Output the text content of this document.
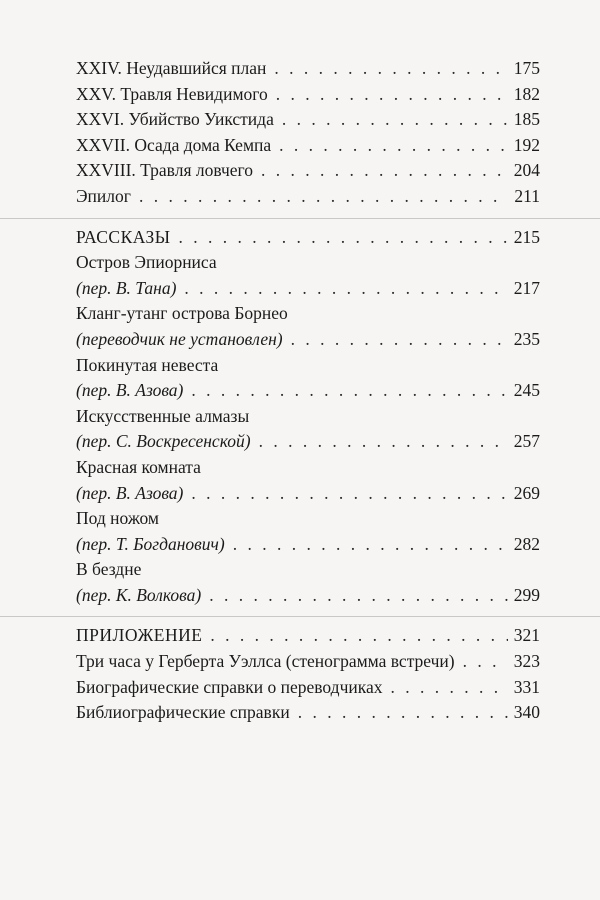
XXIV. Неудавшийся план . . .	175
XXV. Травля Невидимого . . .	182
XXVI. Убийство Уикстида . . .	185
XXVII. Осада дома Кемпа . . .	192
XXVIII. Травля ловчего . . .	204
Эпилог . . .	211
РАССКАЗЫ . . .	215
Остров Эпиорниса
(пер. В. Тана) . . .	217
Кланг-утанг острова Борнео
(переводчик не установлен) . . .	235
Покинутая невеста
(пер. В. Азова) . . .	245
Искусственные алмазы
(пер. С. Воскресенской) . . .	257
Красная комната
(пер. В. Азова) . . .	269
Под ножом
(пер. Т. Богданович) . . .	282
В бездне
(пер. К. Волкова) . . .	299
ПРИЛОЖЕНИЕ . . .	321
Три часа у Герберта Уэллса (стенограмма встречи) . . .	323
Биографические справки о переводчиках . . .	331
Библиографические справки . . .	340
